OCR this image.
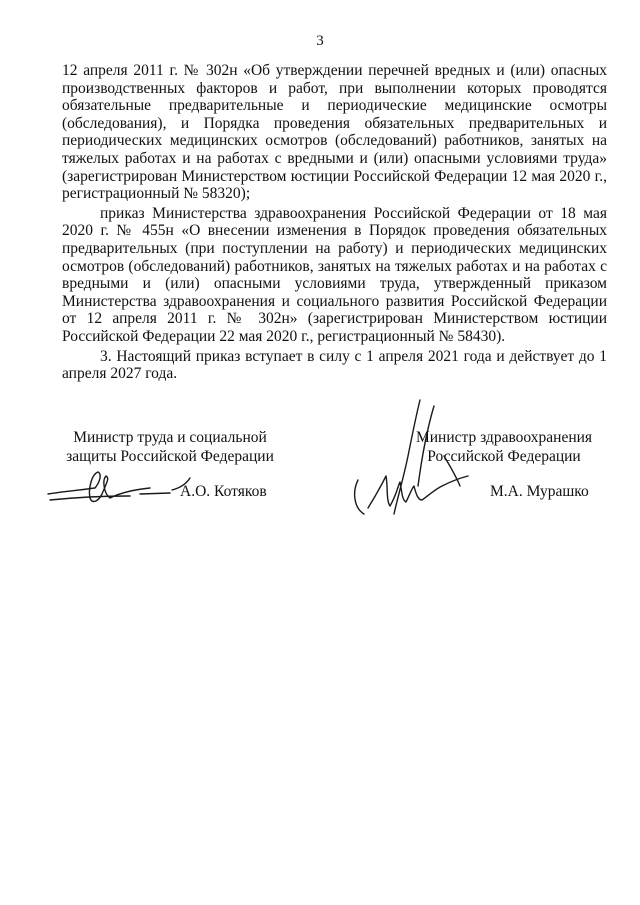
3

12 апреля 2011 г. № 302н «Об утверждении перечней вредных и (или) опасных производственных факторов и работ, при выполнении которых проводятся обязательные предварительные и периодические медицинские осмотры (обследования), и Порядка проведения обязательных предварительных и периодических медицинских осмотров (обследований) работников, занятых на тяжелых работах и на работах с вредными и (или) опасными условиями труда» (зарегистрирован Министерством юстиции Российской Федерации 12 мая 2020 г., регистрационный № 58320);

приказ Министерства здравоохранения Российской Федерации от 18 мая 2020 г. № 455н «О внесении изменения в Порядок проведения обязательных предварительных (при поступлении на работу) и периодических медицинских осмотров (обследований) работников, занятых на тяжелых работах и на работах с вредными и (или) опасными условиями труда, утвержденный приказом Министерства здравоохранения и социального развития Российской Федерации от 12 апреля 2011 г. № 302н» (зарегистрирован Министерством юстиции Российской Федерации 22 мая 2020 г., регистрационный № 58430).

3. Настоящий приказ вступает в силу с 1 апреля 2021 года и действует до 1 апреля 2027 года.

Министр труда и социальной
защиты Российской Федерации
А.О. Котяков
Министр здравоохранения
Российской Федерации
М.А. Мурашко
